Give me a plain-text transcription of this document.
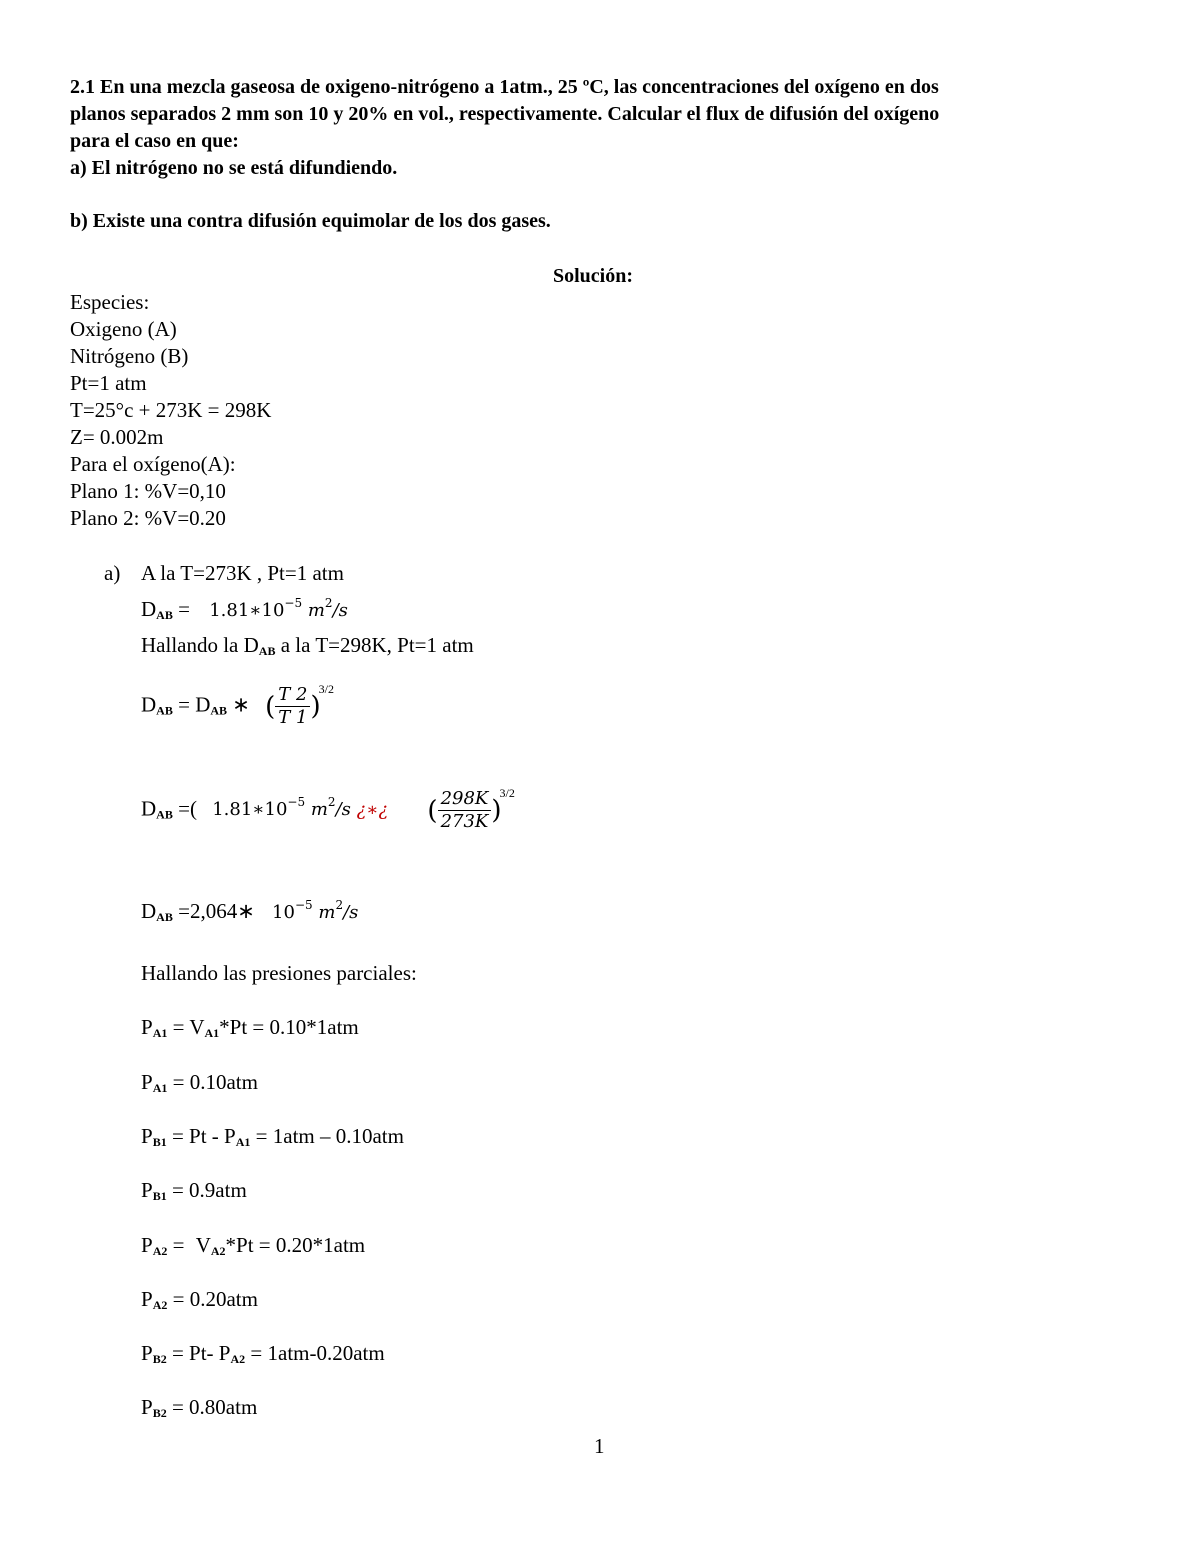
2.1 En una mezcla gaseosa de oxigeno-nitrógeno a 1atm., 25 ºC, las concentraciones del oxígeno en dos
planos separados 2 mm son 10 y 20% en vol., respectivamente. Calcular el flux de difusión del oxígeno
para el caso en que:
a) El nitrógeno no se está difundiendo.
b) Existe una contra difusión equimolar de los dos gases.
Solución:
Especies:
Oxigeno (A)
Nitrógeno (B)
Pt=1 atm
T=25°c + 273K = 298K
Z= 0.002m
Para el oxígeno(A):
Plano 1: %V=0,10
Plano 2: %V=0.20
a) A la T=273K , Pt=1 atm
$D_{AB}$ = $1.81∗10^{-5}$ $m^2/s$
Hallando la $D_{AB}$ a la T=298K, Pt=1 atm
$D_{AB} = D_{AB}$ ∗ ( $\frac{T 2}{T 1} )^{3/2}$
$D_{AB}$ =( $1.81∗10^{-5}$ $m^2/s$ ¿∗¿ ( $\frac{298K}{273K} )^{3/2}$
$D_{AB}$ =2,064∗ $10^{-5}$ $m^2/s$
Hallando las presiones parciales:
$P_{A1} = V_{A1}*Pt = 0.10*1atm$
$P_{A1} = 0.10atm$
$P_{B1} = Pt - P_{A1} = 1atm - 0.10atm$
$P_{B1} = 0.9atm$
$P_{A2} = V_{A2}*Pt = 0.20*1atm$
$P_{A2} = 0.20atm$
$P_{B2} = Pt-$ $P_{A2} = 1atm-0.20atm$
$P_{B2} = 0.80atm$
1
